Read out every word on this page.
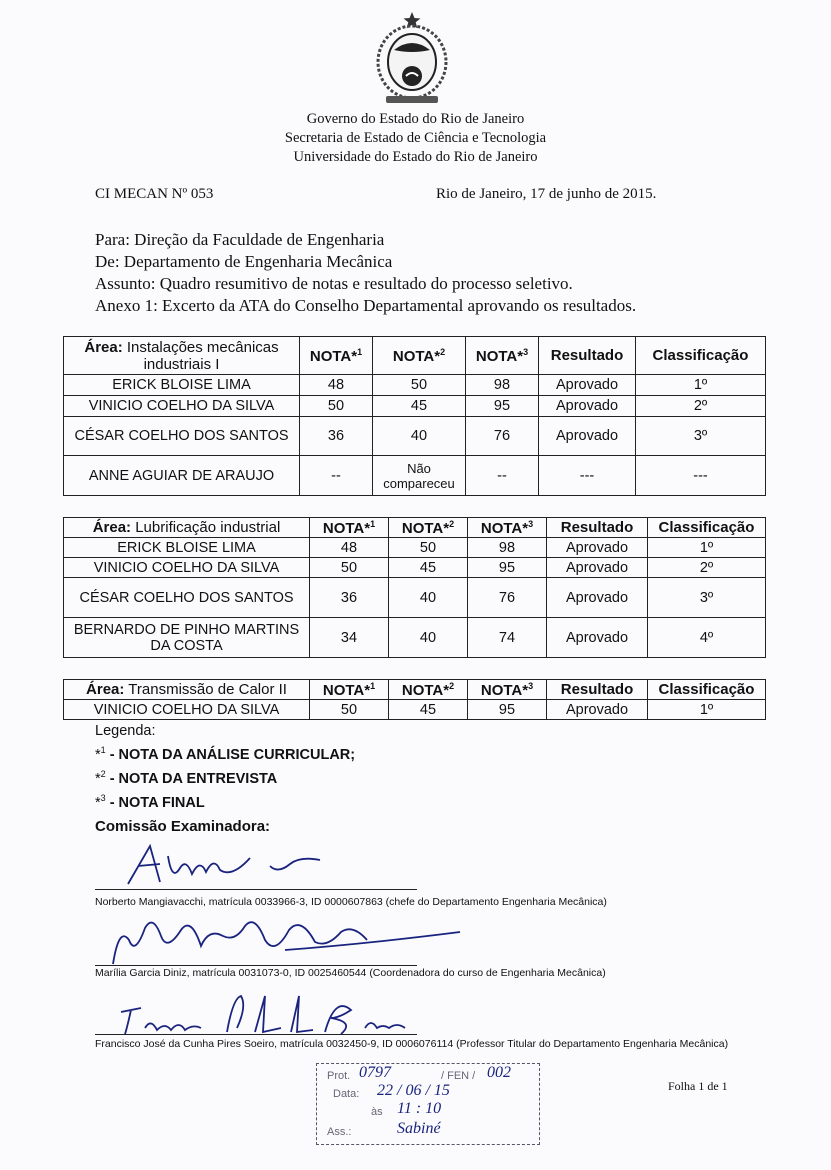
Governo do Estado do Rio de Janeiro
Secretaria de Estado de Ciência e Tecnologia
Universidade do Estado do Rio de Janeiro
CI MECAN Nº 053	Rio de Janeiro, 17 de junho de 2015.
Para: Direção da Faculdade de Engenharia
De: Departamento de Engenharia Mecânica
Assunto: Quadro resumitivo de notas e resultado do processo seletivo.
Anexo 1: Excerto da ATA do Conselho Departamental aprovando os resultados.
Área: Instalações mecânicas industriais I	NOTA*$^1$	NOTA*$^2$	NOTA*$^3$	Resultado	Classificação
ERICK BLOISE LIMA	48	50	98	Aprovado	1º
VINICIO COELHO DA SILVA	50	45	95	Aprovado	2º
CÉSAR COELHO DOS SANTOS	36	40	76	Aprovado	3º
ANNE AGUIAR DE ARAUJO	--	Não compareceu	--	---	---
Área: Lubrificação industrial	NOTA*$^1$	NOTA*$^2$	NOTA*$^3$	Resultado	Classificação
ERICK BLOISE LIMA	48	50	98	Aprovado	1º
VINICIO COELHO DA SILVA	50	45	95	Aprovado	2º
CÉSAR COELHO DOS SANTOS	36	40	76	Aprovado	3º
BERNARDO DE PINHO MARTINS DA COSTA	34	40	74	Aprovado	4º
Área: Transmissão de Calor II	NOTA*$^1$	NOTA*$^2$	NOTA*$^3$	Resultado	Classificação
VINICIO COELHO DA SILVA	50	45	95	Aprovado	1º
Legenda:
*$^1$ - NOTA DA ANÁLISE CURRICULAR;
*$^2$ - NOTA DA ENTREVISTA
*$^3$ - NOTA FINAL
Comissão Examinadora:
Norberto Mangiavacchi, matrícula 0033966-3, ID 0000607863 (chefe do Departamento Engenharia Mecânica)
Marília Garcia Diniz, matrícula 0031073-0, ID 0025460544 (Coordenadora do curso de Engenharia Mecânica)
Francisco José da Cunha Pires Soeiro, matrícula 0032450-9, ID 0006076114 (Professor Titular do Departamento Engenharia Mecânica)
Prot. 0797	/ FEN / 002
Data: 22 / 06 / 15
às 11 : 10
Ass.:	Sabiné
Folha 1 de 1
